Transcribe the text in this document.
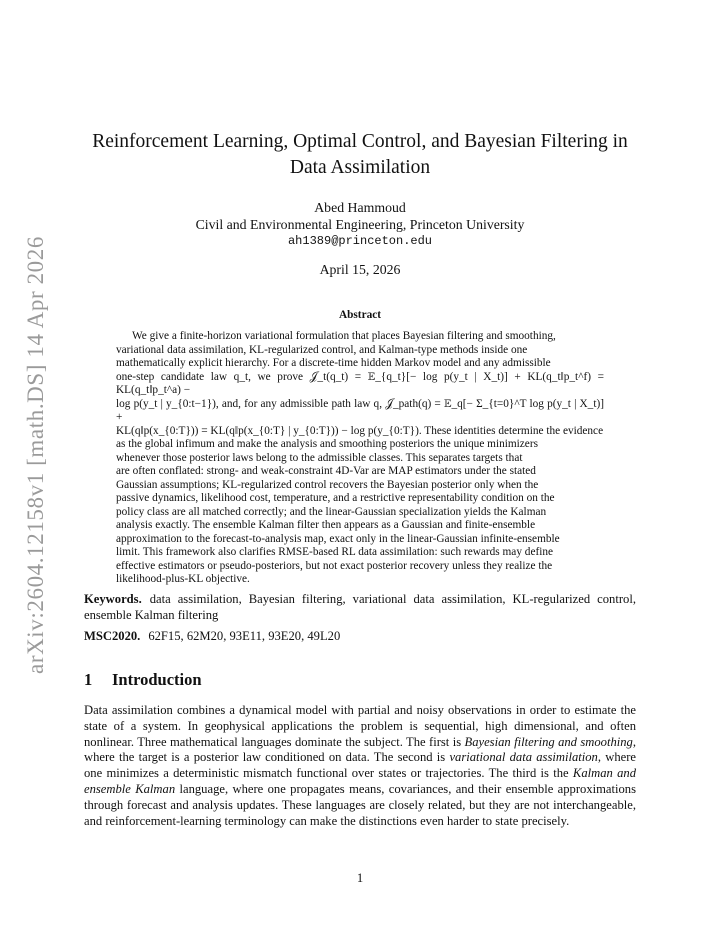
arXiv:2604.12158v1 [math.DS] 14 Apr 2026
Reinforcement Learning, Optimal Control, and Bayesian Filtering in
Data Assimilation
Abed Hammoud
Civil and Environmental Engineering, Princeton University
ah1389@princeton.edu
April 15, 2026
Abstract
We give a finite-horizon variational formulation that places Bayesian filtering and smoothing,
variational data assimilation, KL-regularized control, and Kalman-type methods inside one
mathematically explicit hierarchy. For a discrete-time hidden Markov model and any admissible
one-step candidate law q_t, we prove 𝒥_t(q_t) = 𝔼_{q_t}[− log p(y_t | X_t)] + KL(q_t‖p_t^f) = KL(q_t‖p_t^a) −
log p(y_t | y_{0:t−1}), and, for any admissible path law q, 𝒥_path(q) = 𝔼_q[− Σ_{t=0}^T log p(y_t | X_t)] +
KL(q‖p(x_{0:T})) = KL(q‖p(x_{0:T} | y_{0:T})) − log p(y_{0:T}). These identities determine the evidence
as the global infimum and make the analysis and smoothing posteriors the unique minimizers
whenever those posterior laws belong to the admissible classes. This separates targets that
are often conflated: strong- and weak-constraint 4D-Var are MAP estimators under the stated
Gaussian assumptions; KL-regularized control recovers the Bayesian posterior only when the
passive dynamics, likelihood cost, temperature, and a restrictive representability condition on the
policy class are all matched correctly; and the linear-Gaussian specialization yields the Kalman
analysis exactly. The ensemble Kalman filter then appears as a Gaussian and finite-ensemble
approximation to the forecast-to-analysis map, exact only in the linear-Gaussian infinite-ensemble
limit. This framework also clarifies RMSE-based RL data assimilation: such rewards may define
effective estimators or pseudo-posteriors, but not exact posterior recovery unless they realize the
likelihood-plus-KL objective.
Keywords. data assimilation, Bayesian filtering, variational data assimilation, KL-regularized control, ensemble Kalman filtering
MSC2020. 62F15, 62M20, 93E11, 93E20, 49L20
1 Introduction

Data assimilation combines a dynamical model with partial and noisy observations in order to estimate the state of a system. In geophysical applications the problem is sequential, high dimensional, and often nonlinear. Three mathematical languages dominate the subject. The first is Bayesian filtering and smoothing, where the target is a posterior law conditioned on data. The second is variational data assimilation, where one minimizes a deterministic mismatch functional over states or trajectories. The third is the Kalman and ensemble Kalman language, where one propagates means, covariances, and their ensemble approximations through forecast and analysis updates. These languages are closely related, but they are not interchangeable, and reinforcement-learning terminology can make the distinctions even harder to state precisely.

1
